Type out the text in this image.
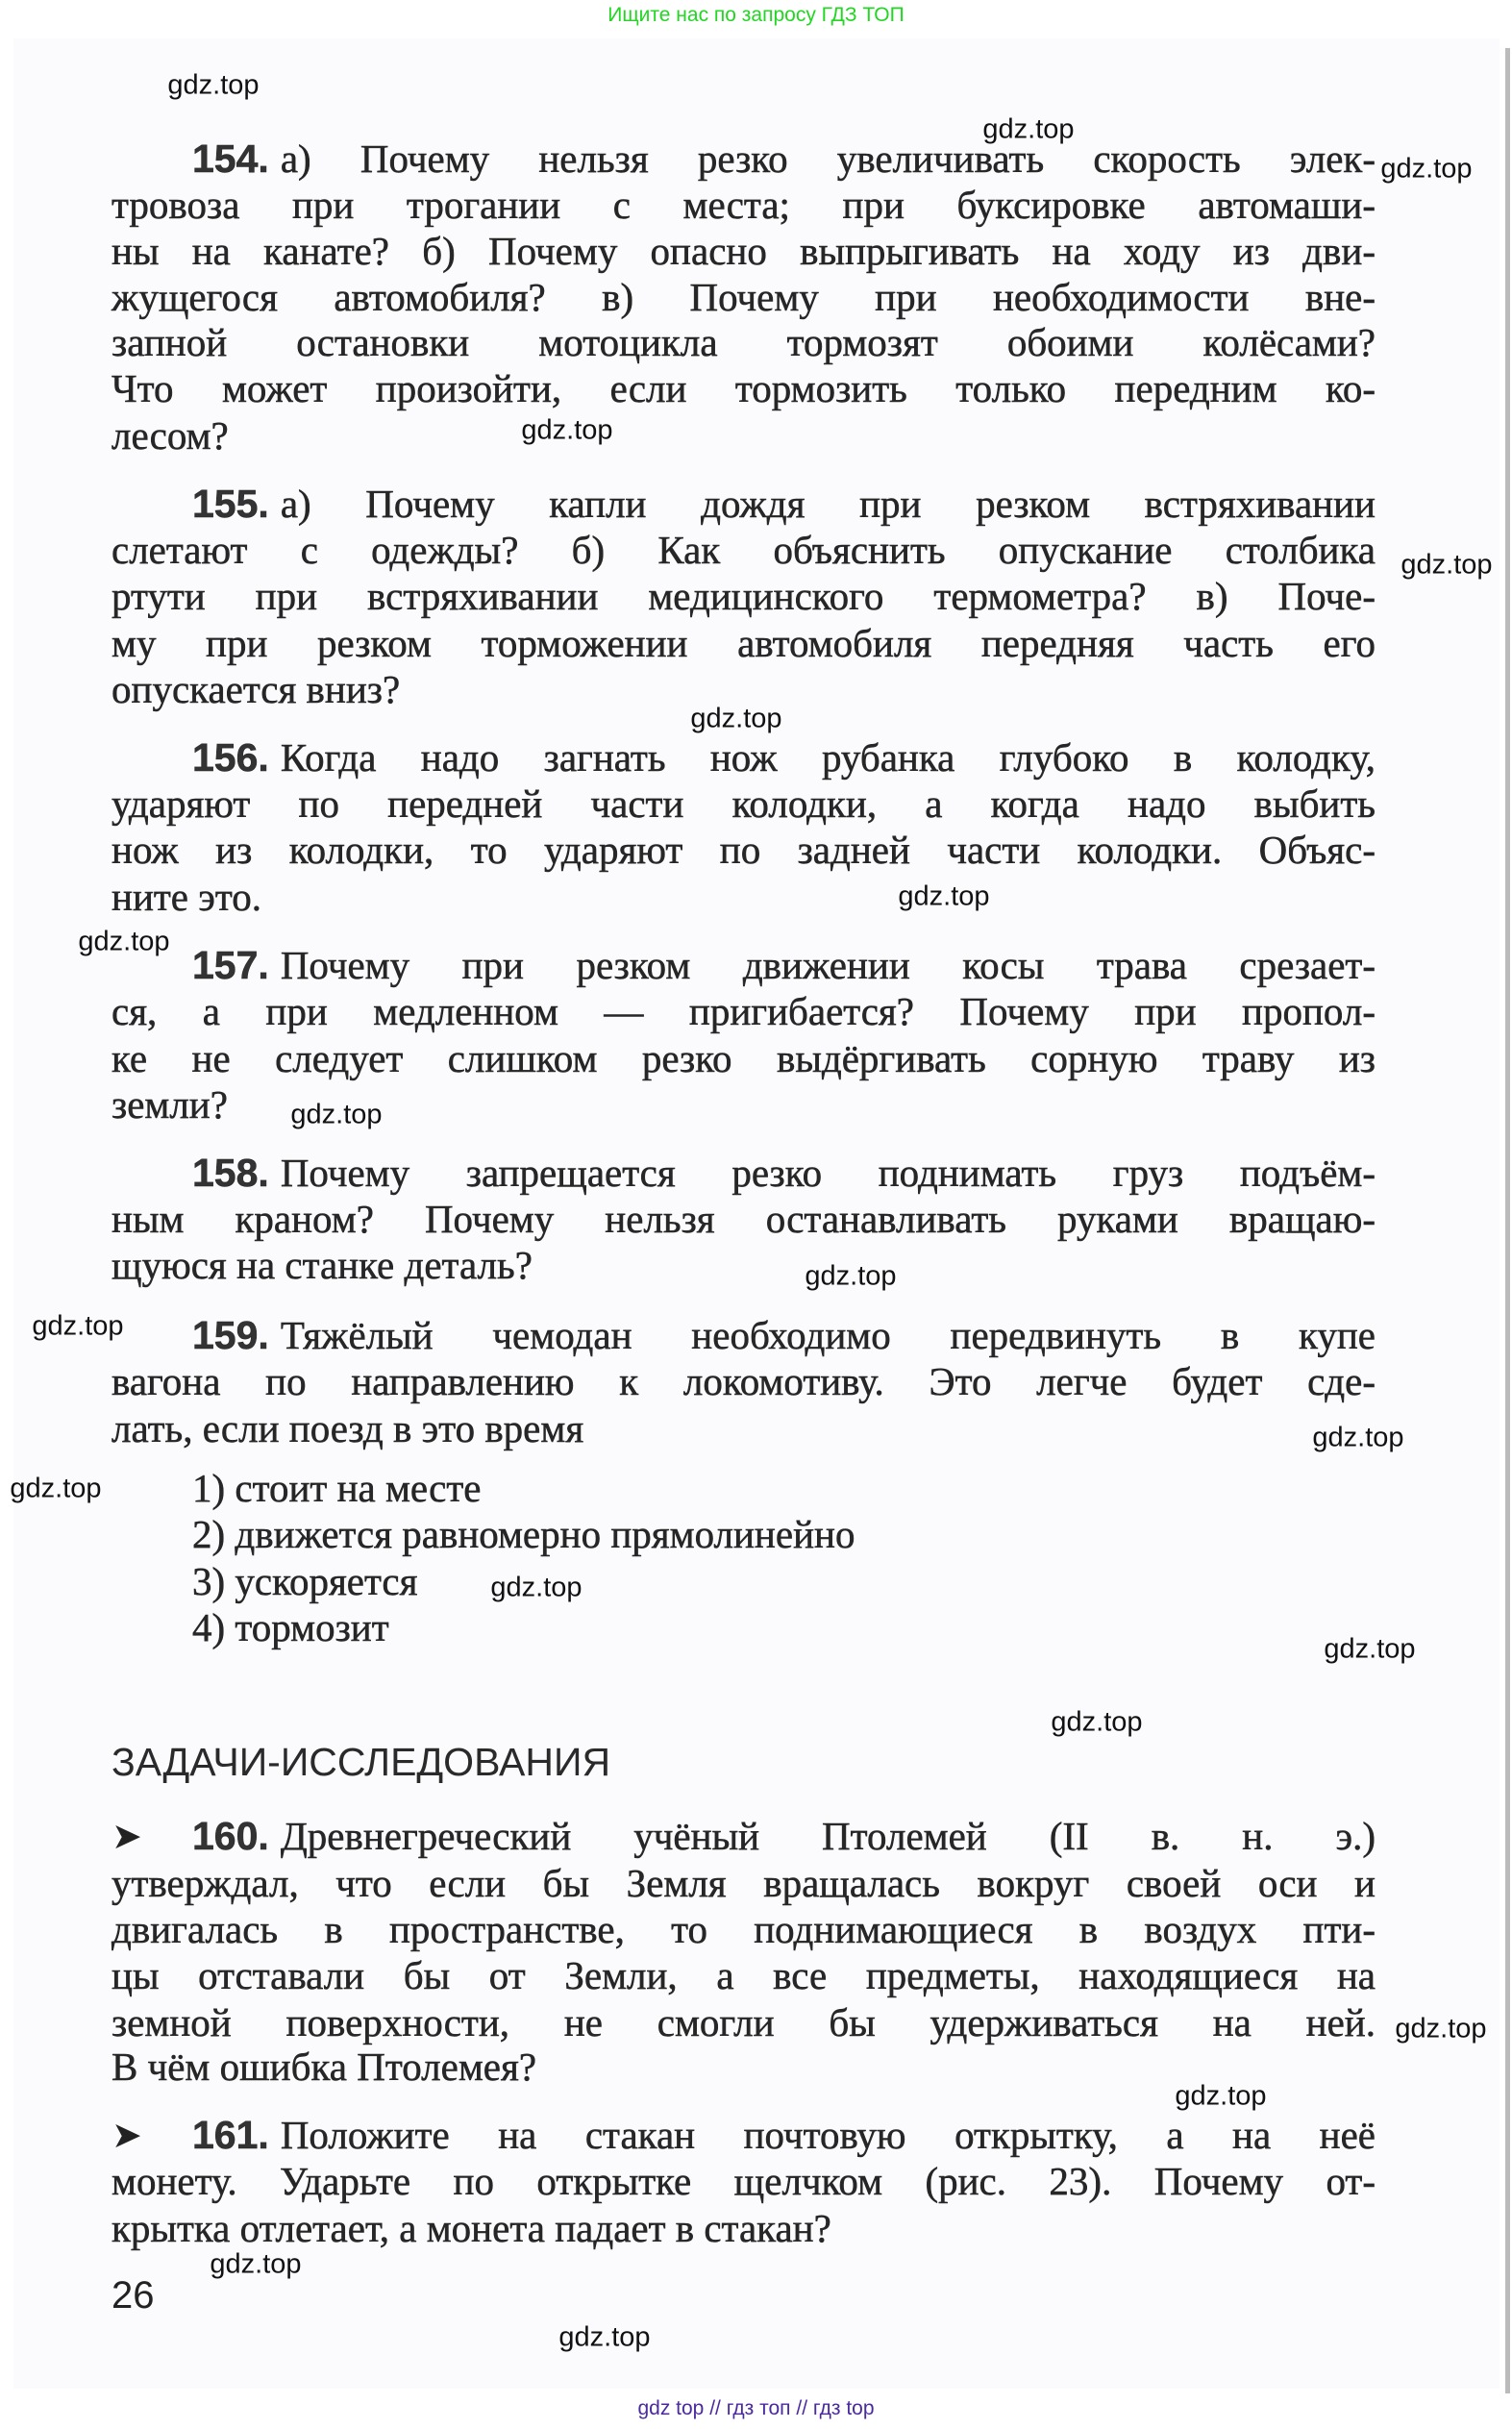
Ищите нас по запросу ГДЗ ТОП
gdz top // гдз топ // гдз top
ЗАДАЧИ-ИССЛЕДОВАНИЯ
26
154. а) Почему нельзя резко увеличивать скорость элек-
тровоза при трогании с места; при буксировке автомаши-
ны на канате? б) Почему опасно выпрыгивать на ходу из дви-
жущегося автомобиля? в) Почему при необходимости вне-
запной остановки мотоцикла тормозят обоими колёсами?
Что может произойти, если тормозить только передним ко-
лесом?
155. а) Почему капли дождя при резком встряхивании
слетают с одежды? б) Как объяснить опускание столбика
ртути при встряхивании медицинского термометра? в) Поче-
му при резком торможении автомобиля передняя часть его
опускается вниз?
156. Когда надо загнать нож рубанка глубоко в колодку,
ударяют по передней части колодки, а когда надо выбить
нож из колодки, то ударяют по задней части колодки. Объяс-
ните это.
157. Почему при резком движении косы трава срезает-
ся, а при медленном — пригибается? Почему при пропол-
ке не следует слишком резко выдёргивать сорную траву из
земли?
158. Почему запрещается резко поднимать груз подъём-
ным краном? Почему нельзя останавливать руками вращаю-
щуюся на станке деталь?
159. Тяжёлый чемодан необходимо передвинуть в купе
вагона по направлению к локомотиву. Это легче будет сде-
лать, если поезд в это время
1) стоит на месте
2) движется равномерно прямолинейно
3) ускоряется
4) тормозит
160. Древнегреческий учёный Птолемей (II в. н. э.)
утверждал, что если бы Земля вращалась вокруг своей оси и
двигалась в пространстве, то поднимающиеся в воздух пти-
цы отставали бы от Земли, а все предметы, находящиеся на
земной поверхности, не смогли бы удерживаться на ней.
В чём ошибка Птолемея?
➤
161. Положите на стакан почтовую открытку, а на неё
монету. Ударьте по открытке щелчком (рис. 23). Почему от-
крытка отлетает, а монета падает в стакан?
➤
gdz.top
gdz.top
gdz.top
gdz.top
gdz.top
gdz.top
gdz.top
gdz.top
gdz.top
gdz.top
gdz.top
gdz.top
gdz.top
gdz.top
gdz.top
gdz.top
gdz.top
gdz.top
gdz.top
gdz.top
